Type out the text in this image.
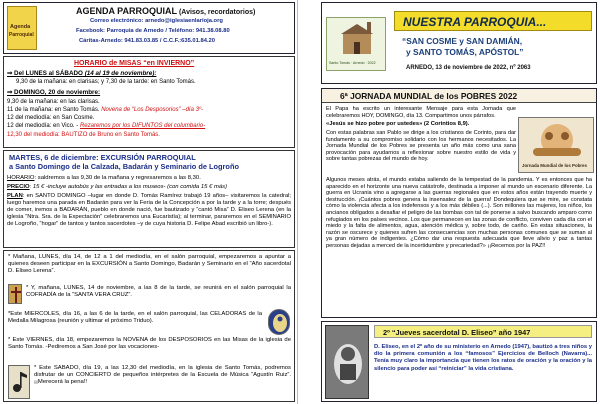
Agenda
Parroquial
AGENDA PARROQUIAL (Avisos, recordatorios)
Correo electrónico: arnedo@iglesiaenlarioja.org
Facebook: Parroquia de Arnedo / Teléfono: 941.38.08.80
Cáritas-Arnedo: 941.83.03.85 / C.C.F.:635.01.84.20
HORARIO de MISAS “en INVIERNO”
⇒ Del LUNES al SÁBADO (14 al 19 de noviembre):
9,30 de la mañana: en clarisas; y 7,30 de la tarde: en Santo Tomás.
⇒ DOMINGO, 20 de noviembre:
9,30 de la mañana: en las clarisas.
11 de la mañana: en Santo Tomás. Novena de “Los Desposorios” –día 3º-
12 del mediodía: en San Cosme.
12 del mediodía: en Vico. - Rezaremos por los DIFUNTOS del columbario-
12,30 del mediodía: BAUTIZO de Bruno en Santo Tomás.
MARTES, 6 de diciembre: EXCURSIÓN PARROQUIAL
a Santo Domingo de la Calzada, Badarán y Seminario de Logroño
HORARIO: saldremos a las 9,30 de la mañana y regresaremos a las 8,30.
PRECIO: 15 € -incluye autobús y las entradas a los museos- (con comida 15 € más)
PLAN: en SANTO DOMINGO –lugar en donde D. Tomás Ramírez trabajó 19 años– visitaremos la catedral; luego haremos una parada en Badarán para ver la Feria de la Concepción a por la tarde y a la torre; después de comer, iremos a BADARÁN, pueblo en donde nació, fue bautizado y “cantó Misa” D. Eliseo Lerena (en la iglesia “Ntra. Sra. de la Expectación” celebraremos una Eucaristía); al terminar, pararemos en el SEMINARIO de Logroño, “hogar” de tantos y tantos sacerdotes –y de cuya historia D. Felipe Abad escribió un libro-).
* Mañana, LUNES, día 14, de 12 a 1 del mediodía, en el salón parroquial, empezaremos a apuntar a quienes deseen participar en la EXCURSIÓN a Santo Domingo, Badarán y Seminario en el “Año sacerdotal D. Eliseo Lerena”.
* Y, mañana, LUNES, 14 de noviembre, a las 8 de la tarde, se reunirá en el salón parroquial la COFRADÍA de la “SANTA VERA CRUZ”.
*Este MIÉRCOLES, día 16, a las 6 de la tarde, en el salón parroquial, las CELADORAS de la Medalla Milagrosa (reunión y ultimar el próximo Triduo).
* Este VIERNES, día 18, empezaremos la NOVENA de los DESPOSORIOS en las Misas de la iglesia de Santo Tomás. -Pediremos a San José por las vocaciones-
* Este SÁBADO, día 19, a las 12,30 del mediodía, en la iglesia de Santo Tomás, podremos disfrutar de un CONCIERTO de pequeños intérpretes de la Escuela de Música “Agustín Ruiz”. ¡¡Merecerá la pena!!
Santo Tomás · Arnedo · 2022
NUESTRA PARROQUIA...
“SAN COSME y SAN DAMIÁN,
y SANTO TOMÁS, APÓSTOL”
ARNEDO, 13 de noviembre de 2022, nº 2063
6ª JORNADA MUNDIAL de los POBRES 2022
Jornada Mundial de los Pobres
El Papa ha escrito un interesante Mensaje para esta Jornada que celebraremos HOY, DOMINGO, día 13. Compartimos unos párrafos.
«Jesús se hizo pobre por ustedes» (2 Corintios 8,9).
Con estas palabras san Pablo se dirige a los cristianos de Corinto, para dar fundamento a su compromiso solidario con los hermanos necesitados. La Jornada Mundial de los Pobres se presenta un año más como una sana provocación para ayudarnos a reflexionar sobre nuestro estilo de vida y sobre tantas pobrezas del mundo de hoy.
Algunos meses atrás, el mundo estaba saliendo de la tempestad de la pandemia. Y es entonces que ha aparecido en el horizonte una nueva catástrofe, destinada a imponer al mundo un escenario diferente. La guerra en Ucrania vino a agregarse a las guerras regionales que en estos años están trayendo muerte y destrucción. ¡Cuántos pobres genera la insensatez de la guerra! Dondequiera que se mire, se constata cómo la violencia afecta a los indefensos y a los más débiles (...). Son millones las mujeres, los niños, los ancianos obligados a desafiar el peligro de las bombas con tal de ponerse a salvo buscando amparo como refugiados en los países vecinos. Los que permanecen en las zonas de conflicto, conviven cada día con el miedo y la falta de alimentos, agua, atención médica y, sobre todo, de cariño. En estas situaciones, la razón se oscurece y quienes sufren las consecuencias son muchas personas comunes que se suman al ya gran número de indigentes. ¿Cómo dar una respuesta adecuada que lleve alivio y paz a tantas personas dejadas a merced de la incertidumbre y precariedad?» ¡¡Recemos por la PAZ!!
2º “Jueves sacerdotal D. Eliseo” año 1947
D. Eliseo, en el 2º año de su ministerio en Arnedo (1947), bautizó a tres niños y dio la primera comunión a los “famosos” Ejercicios de Belloch (Navarra)... Tenía muy claro la importancia que tienen los ratos de oración y la oración y la silencio para poder así “reiniciar” la vida cristiana.
